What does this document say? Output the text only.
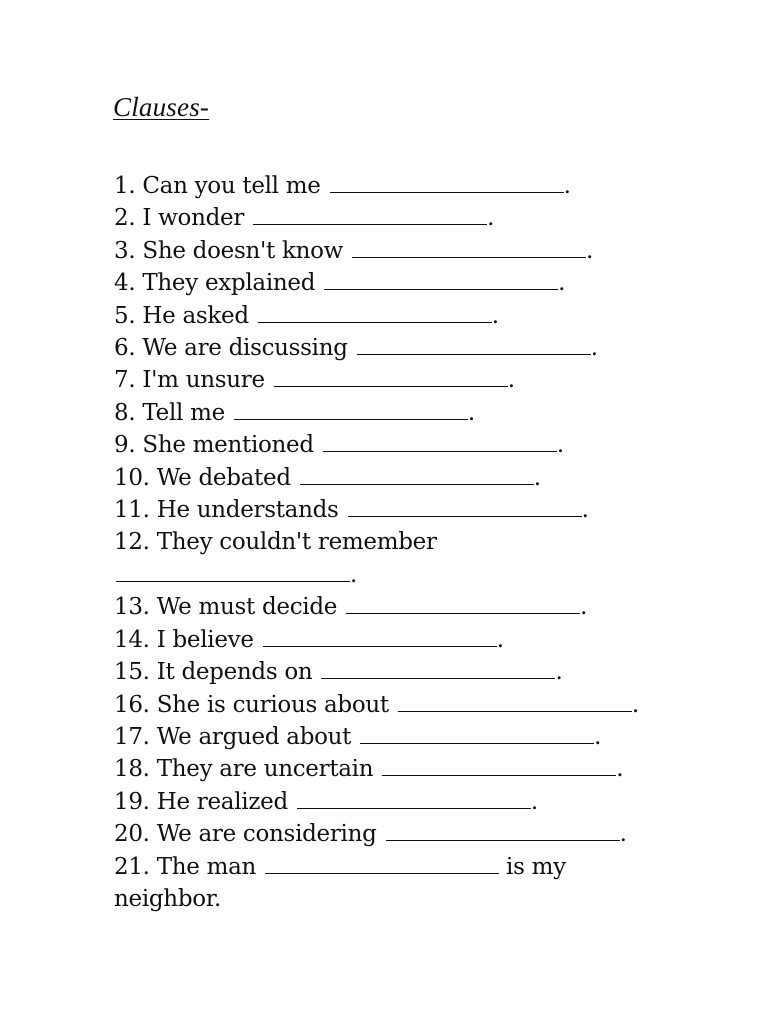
Clauses-
1. Can you tell me	.
2. I wonder	.
3. She doesn't know	.
4. They explained	.
5. He asked	.
6. We are discussing	.
7. I'm unsure	.
8. Tell me	.
9. She mentioned	.
10. We debated	.
11. He understands	.
12. They couldn't remember .
13. We must decide	.
14. I believe	.
15. It depends on	.
16. She is curious about	.
17. We argued about	.
18. They are uncertain	.
19. He realized	.
20. We are considering	.
21. The man	is my neighbor.
